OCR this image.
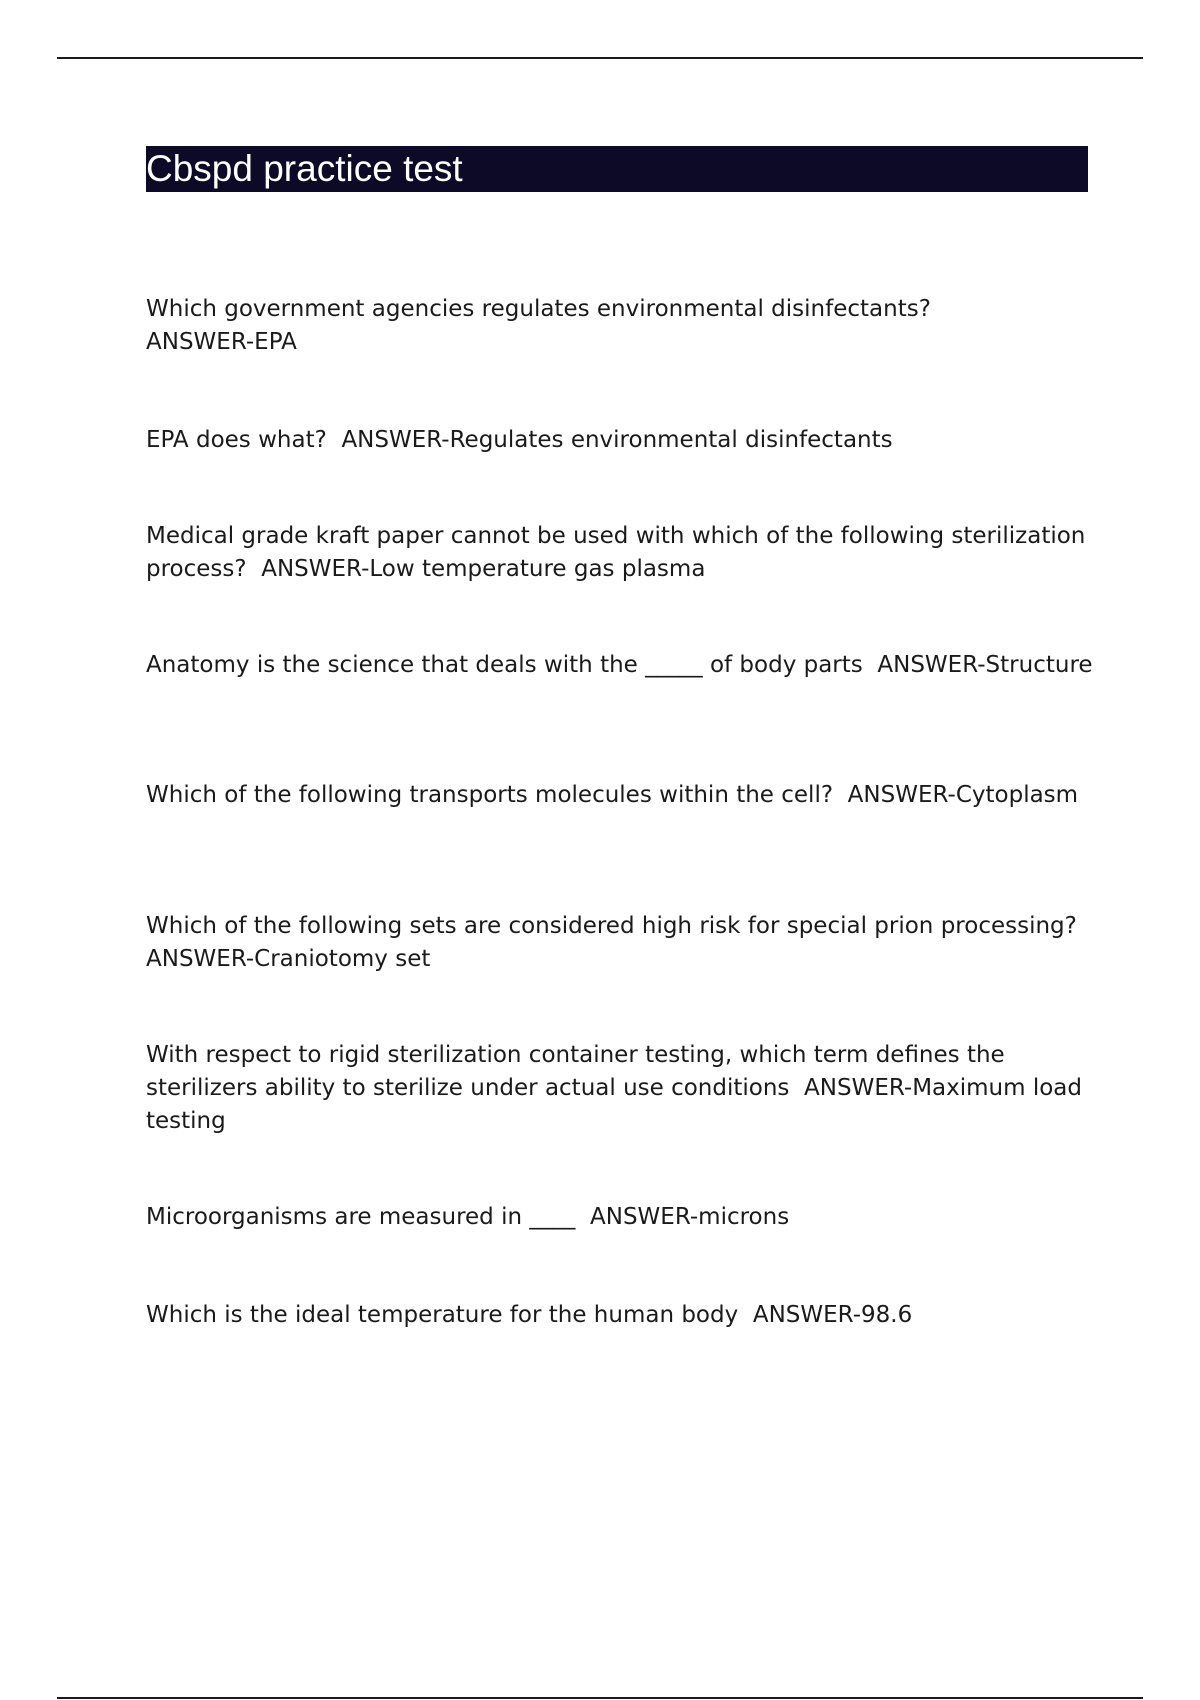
Cbspd practice test

Which government agencies regulates environmental disinfectants?
ANSWER-EPA

EPA does what? ANSWER-Regulates environmental disinfectants

Medical grade kraft paper cannot be used with which of the following sterilization process? ANSWER-Low temperature gas plasma

Anatomy is the science that deals with the _____ of body parts ANSWER-Structure

Which of the following transports molecules within the cell? ANSWER-Cytoplasm

Which of the following sets are considered high risk for special prion processing?  ANSWER-Craniotomy set

With respect to rigid sterilization container testing, which term defines the sterilizers ability to sterilize under actual use conditions ANSWER-Maximum load testing

Microorganisms are measured in ____ ANSWER-microns

Which is the ideal temperature for the human body ANSWER-98.6
